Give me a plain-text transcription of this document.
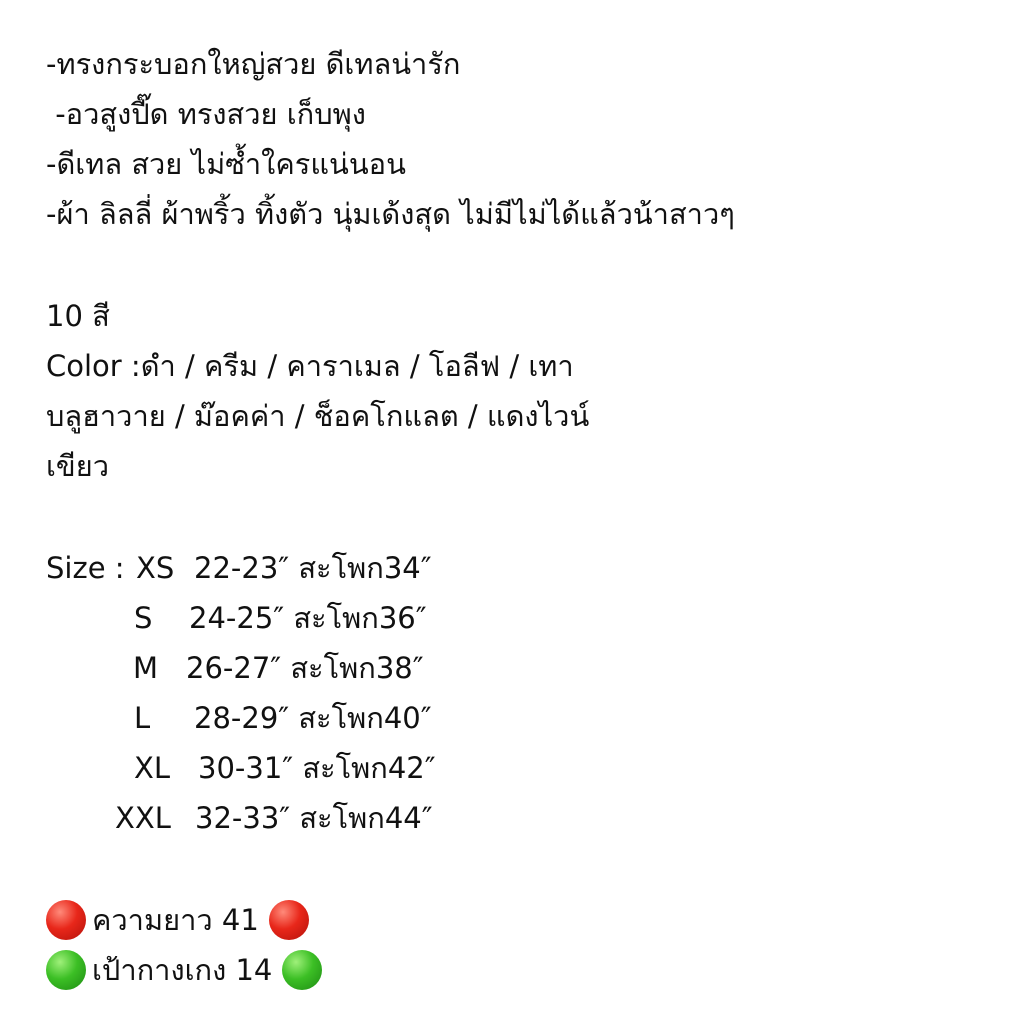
-ทรงกระบอกใหญ่สวย ดีเทลน่ารัก
-อวสูงปี๊ด ทรงสวย เก็บพุง
-ดีเทล สวย ไม่ซ้ำใครแน่นอน
-ผ้า ลิลลี่ ผ้าพริ้ว ทิ้งตัว นุ่มเด้งสุด ไม่มีไม่ได้แล้วน้าสาวๆ
10 สี
Color :ดำ / ครีม / คาราเมล / โอลีฟ / เทา
บลูฮาวาย / ม๊อคค่า / ช็อคโกแลต / แดงไวน์
เขียว
Size : XS 22-23″ สะโพก34″
S 24-25″ สะโพก36″
M 26-27″ สะโพก38″
L 28-29″ สะโพก40″
XL 30-31″ สะโพก42″
XXL 32-33″ สะโพก44″
ความยาว 41
เป้ากางเกง 14
